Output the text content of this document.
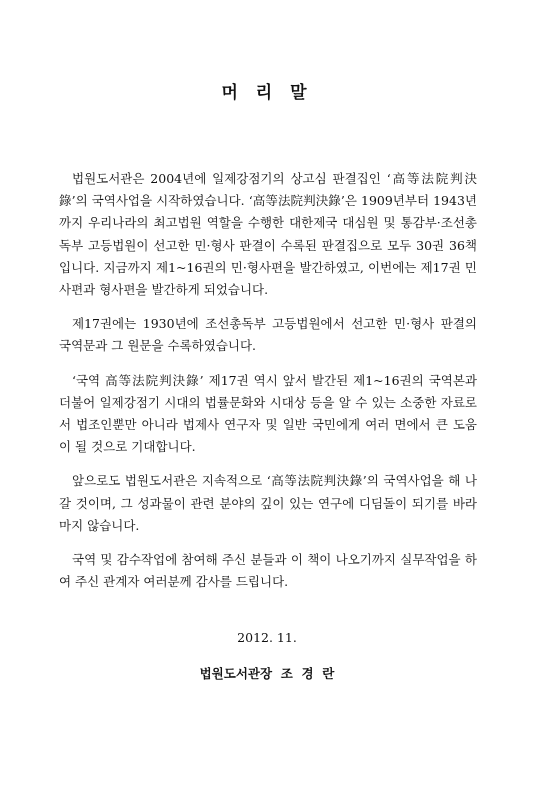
머 리 말

법원도서관은 2004년에 일제강점기의 상고심 판결집인 ‘高等法院判決錄’의 국역사업을 시작하였습니다. ‘高等法院判決錄’은 1909년부터 1943년까지 우리나라의 최고법원 역할을 수행한 대한제국 대심원 및 통감부·조선총독부 고등법원이 선고한 민·형사 판결이 수록된 판결집으로 모두 30권 36책입니다. 지금까지 제1~16권의 민·형사편을 발간하였고, 이번에는 제17권 민사편과 형사편을 발간하게 되었습니다.

제17권에는 1930년에 조선총독부 고등법원에서 선고한 민·형사 판결의 국역문과 그 원문을 수록하였습니다.

‘국역 高等法院判決錄’ 제17권 역시 앞서 발간된 제1~16권의 국역본과 더불어 일제강점기 시대의 법률문화와 시대상 등을 알 수 있는 소중한 자료로서 법조인뿐만 아니라 법제사 연구자 및 일반 국민에게 여러 면에서 큰 도움이 될 것으로 기대합니다.

앞으로도 법원도서관은 지속적으로 ‘高等法院判決錄’의 국역사업을 해 나갈 것이며, 그 성과물이 관련 분야의 깊이 있는 연구에 디딤돌이 되기를 바라마지 않습니다.

국역 및 감수작업에 참여해 주신 분들과 이 책이 나오기까지 실무작업을 하여 주신 관계자 여러분께 감사를 드립니다.

2012. 11.
법원도서관장  조  경  란
